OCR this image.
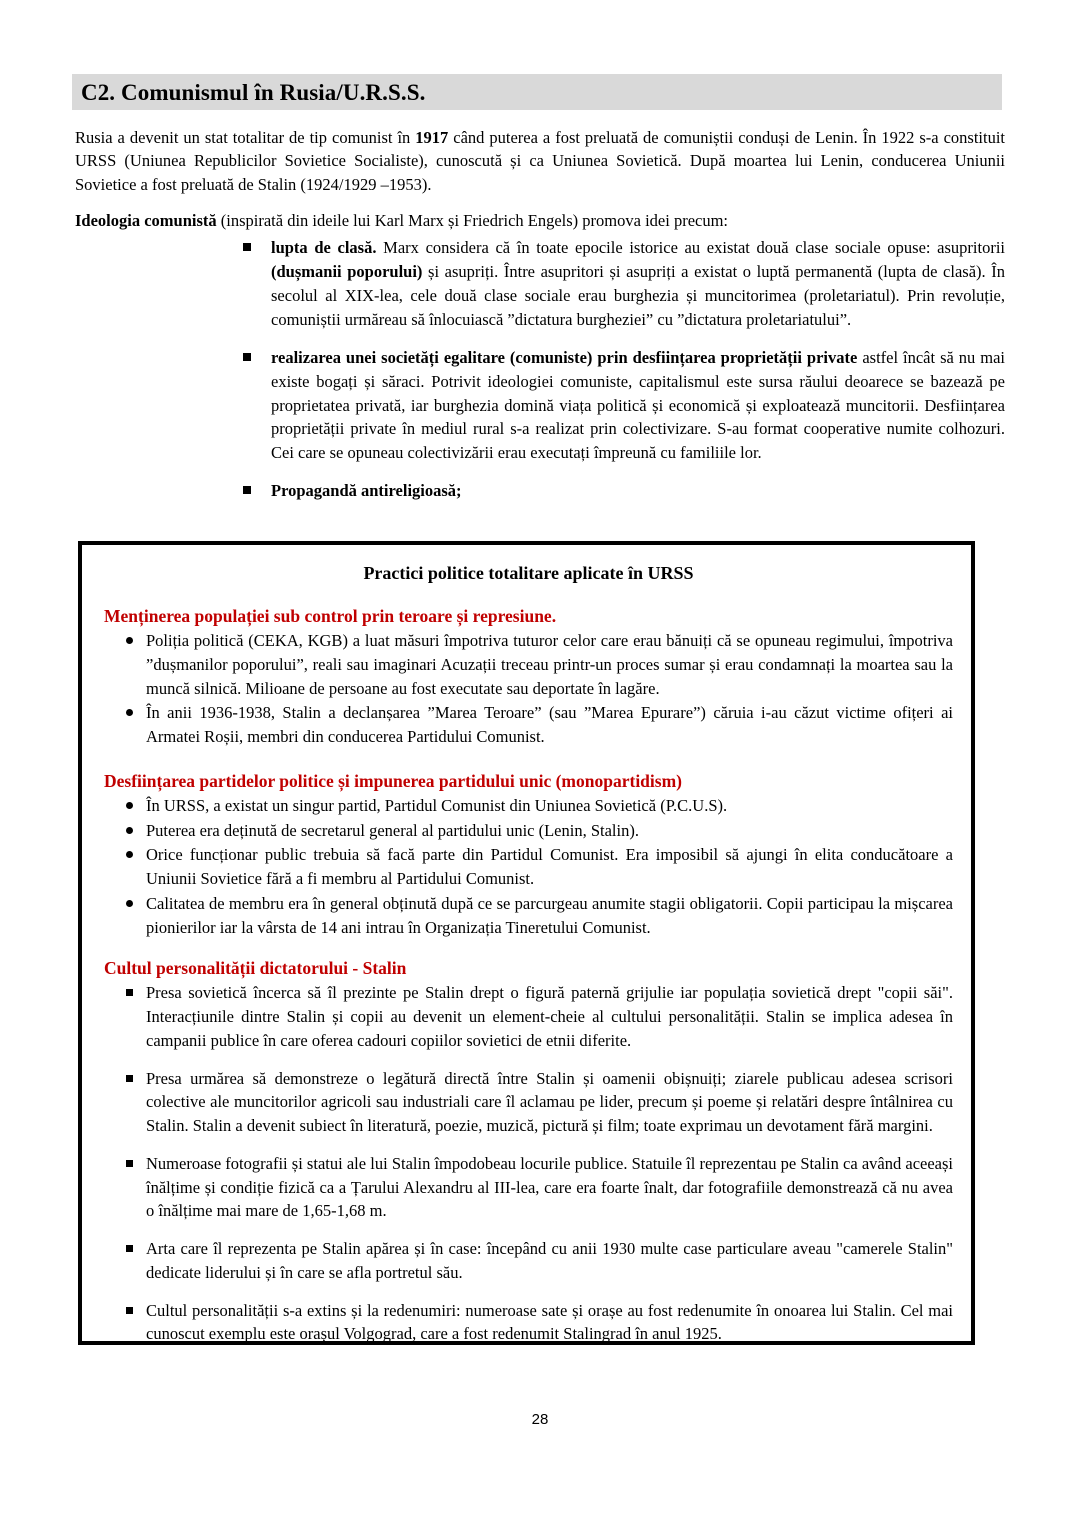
C2. Comunismul în Rusia/U.R.S.S.

Rusia a devenit un stat totalitar de tip comunist în 1917 când puterea a fost preluată de comuniștii conduși de Lenin. În 1922 s-a constituit URSS (Uniunea Republicilor Sovietice Socialiste), cunoscută și ca Uniunea Sovietică. După moartea lui Lenin, conducerea Uniunii Sovietice a fost preluată de Stalin (1924/1929 –1953).

Ideologia comunistă (inspirată din ideile lui Karl Marx și Friedrich Engels) promova idei precum:

lupta de clasă. Marx considera că în toate epocile istorice au existat două clase sociale opuse: asupritorii (dușmanii poporului) și asupriți. Între asupritori și asupriți a existat o luptă permanentă (lupta de clasă). În secolul al XIX-lea, cele două clase sociale erau burghezia și muncitorimea (proletariatul). Prin revoluție, comuniștii urmăreau să înlocuiască ”dictatura burgheziei” cu ”dictatura proletariatului”.
realizarea unei societăți egalitare (comuniste) prin desființarea proprietății private astfel încât să nu mai existe bogați și săraci. Potrivit ideologiei comuniste, capitalismul este sursa răului deoarece se bazează pe proprietatea privată, iar burghezia domină viața politică și economică și exploatează muncitorii. Desființarea proprietății private în mediul rural s-a realizat prin colectivizare. S-au format cooperative numite colhozuri. Cei care se opuneau colectivizării erau executați împreună cu familiile lor.
Propagandă antireligioasă;
Practici politice totalitare aplicate în URSS
Menținerea populației sub control prin teroare și represiune.
Poliția politică (CEKA, KGB) a luat măsuri împotriva tuturor celor care erau bănuiți că se opuneau regimului, împotriva ”dușmanilor poporului”, reali sau imaginari Acuzații treceau printr-un proces sumar și erau condamnați la moartea sau la muncă silnică. Milioane de persoane au fost executate sau deportate în lagăre.
În anii 1936-1938, Stalin a declanșarea ”Marea Teroare” (sau ”Marea Epurare”) căruia i-au căzut victime ofițeri ai Armatei Roșii, membri din conducerea Partidului Comunist.
Desființarea partidelor politice și impunerea partidului unic (monopartidism)
În URSS, a existat un singur partid, Partidul Comunist din Uniunea Sovietică (P.C.U.S).
Puterea era deținută de secretarul general al partidului unic (Lenin, Stalin).
Orice funcționar public trebuia să facă parte din Partidul Comunist. Era imposibil să ajungi în elita conducătoare a Uniunii Sovietice fără a fi membru al Partidului Comunist.
Calitatea de membru era în general obținută după ce se parcurgeau anumite stagii obligatorii. Copii participau la mișcarea pionierilor iar la vârsta de 14 ani intrau în Organizația Tineretului Comunist.
Cultul personalității dictatorului - Stalin
Presa sovietică încerca să îl prezinte pe Stalin drept o figură paternă grijulie iar populația sovietică drept "copii săi". Interacțiunile dintre Stalin și copii au devenit un element-cheie al cultului personalității. Stalin se implica adesea în campanii publice în care oferea cadouri copiilor sovietici de etnii diferite.
Presa urmărea să demonstreze o legătură directă între Stalin și oamenii obișnuiți; ziarele publicau adesea scrisori colective ale muncitorilor agricoli sau industriali care îl aclamau pe lider, precum și poeme și relatări despre întâlnirea cu Stalin. Stalin a devenit subiect în literatură, poezie, muzică, pictură și film; toate exprimau un devotament fără margini.
Numeroase fotografii și statui ale lui Stalin împodobeau locurile publice. Statuile îl reprezentau pe Stalin ca având aceeași înălțime și condiție fizică ca a Țarului Alexandru al III-lea, care era foarte înalt, dar fotografiile demonstrează că nu avea o înălțime mai mare de 1,65-1,68 m.
Arta care îl reprezenta pe Stalin apărea și în case: începând cu anii 1930 multe case particulare aveau "camerele Stalin" dedicate liderului și în care se afla portretul său.
Cultul personalității s-a extins și la redenumiri: numeroase sate și orașe au fost redenumite în onoarea lui Stalin. Cel mai cunoscut exemplu este orașul Volgograd, care a fost redenumit Stalingrad în anul 1925.
28
